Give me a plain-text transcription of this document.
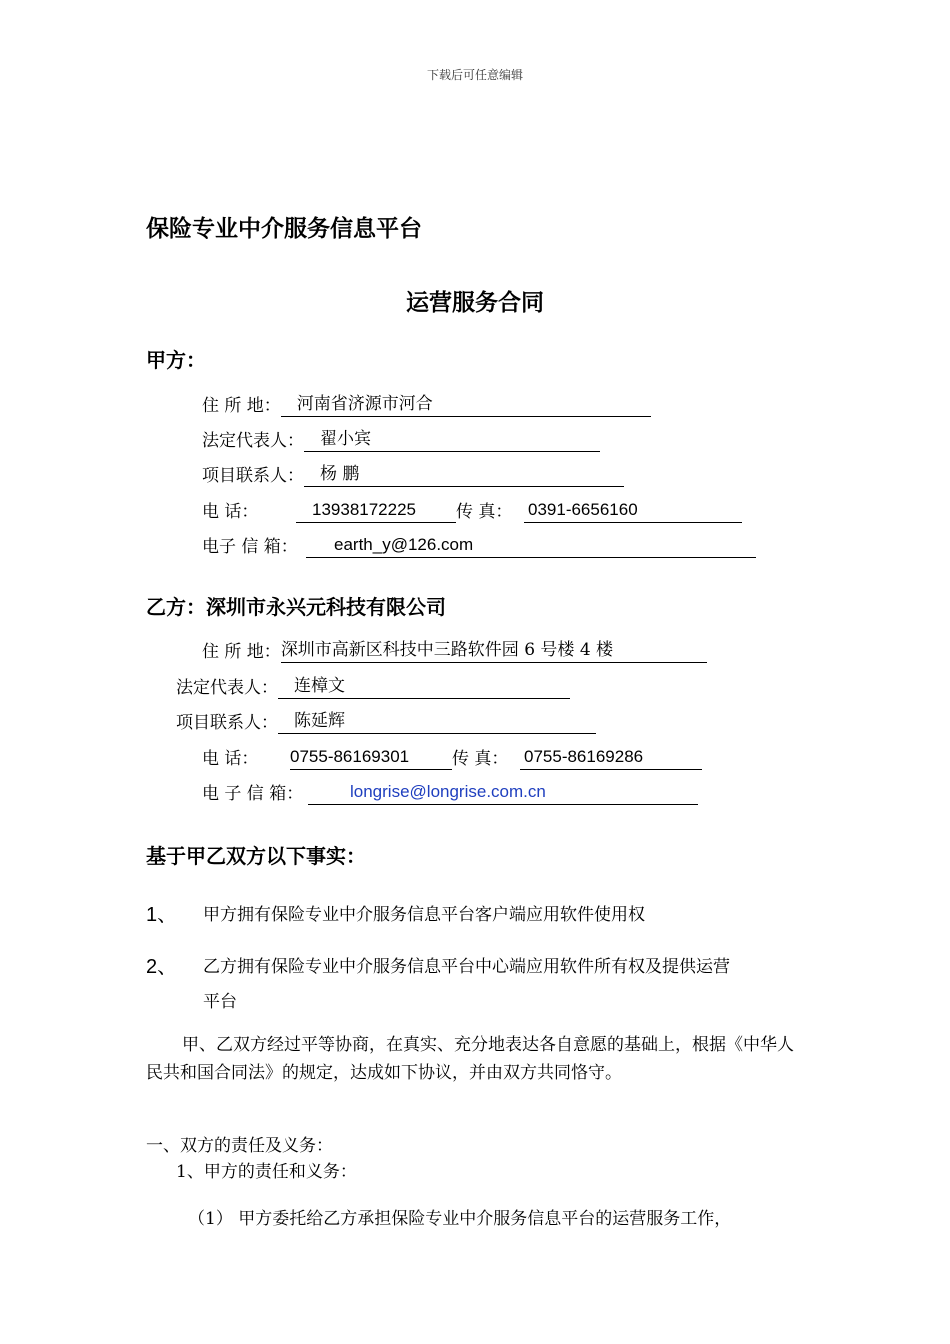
下载后可任意编辑
保险专业中介服务信息平台
运营服务合同
甲方：
住 所 地： 河南省济源市河合
法定代表人： 翟小宾
项目联系人： 杨 鹏
电 话：	13938172225 传 真： 0391-6656160
电子 信 箱： earth_y@126.com
乙方：深圳市永兴元科技有限公司
住 所 地：深圳市高新区科技中三路软件园 6 号楼 4 楼
法定代表人： 连樟文
项目联系人： 陈延辉
电 话： 0755-86169301	传 真： 0755-86169286
电 子 信 箱：	longrise@longrise.com.cn
基于甲乙双方以下事实：
1、 甲方拥有保险专业中介服务信息平台客户端应用软件使用权
2、 乙方拥有保险专业中介服务信息平台中心端应用软件所有权及提供运营
平台
甲、乙双方经过平等协商，在真实、充分地表达各自意愿的基础上，根据《中华人民共和国合同法》的规定，达成如下协议，并由双方共同恪守。
一、双方的责任及义务：
1、甲方的责任和义务：
（1） 甲方委托给乙方承担保险专业中介服务信息平台的运营服务工作，
